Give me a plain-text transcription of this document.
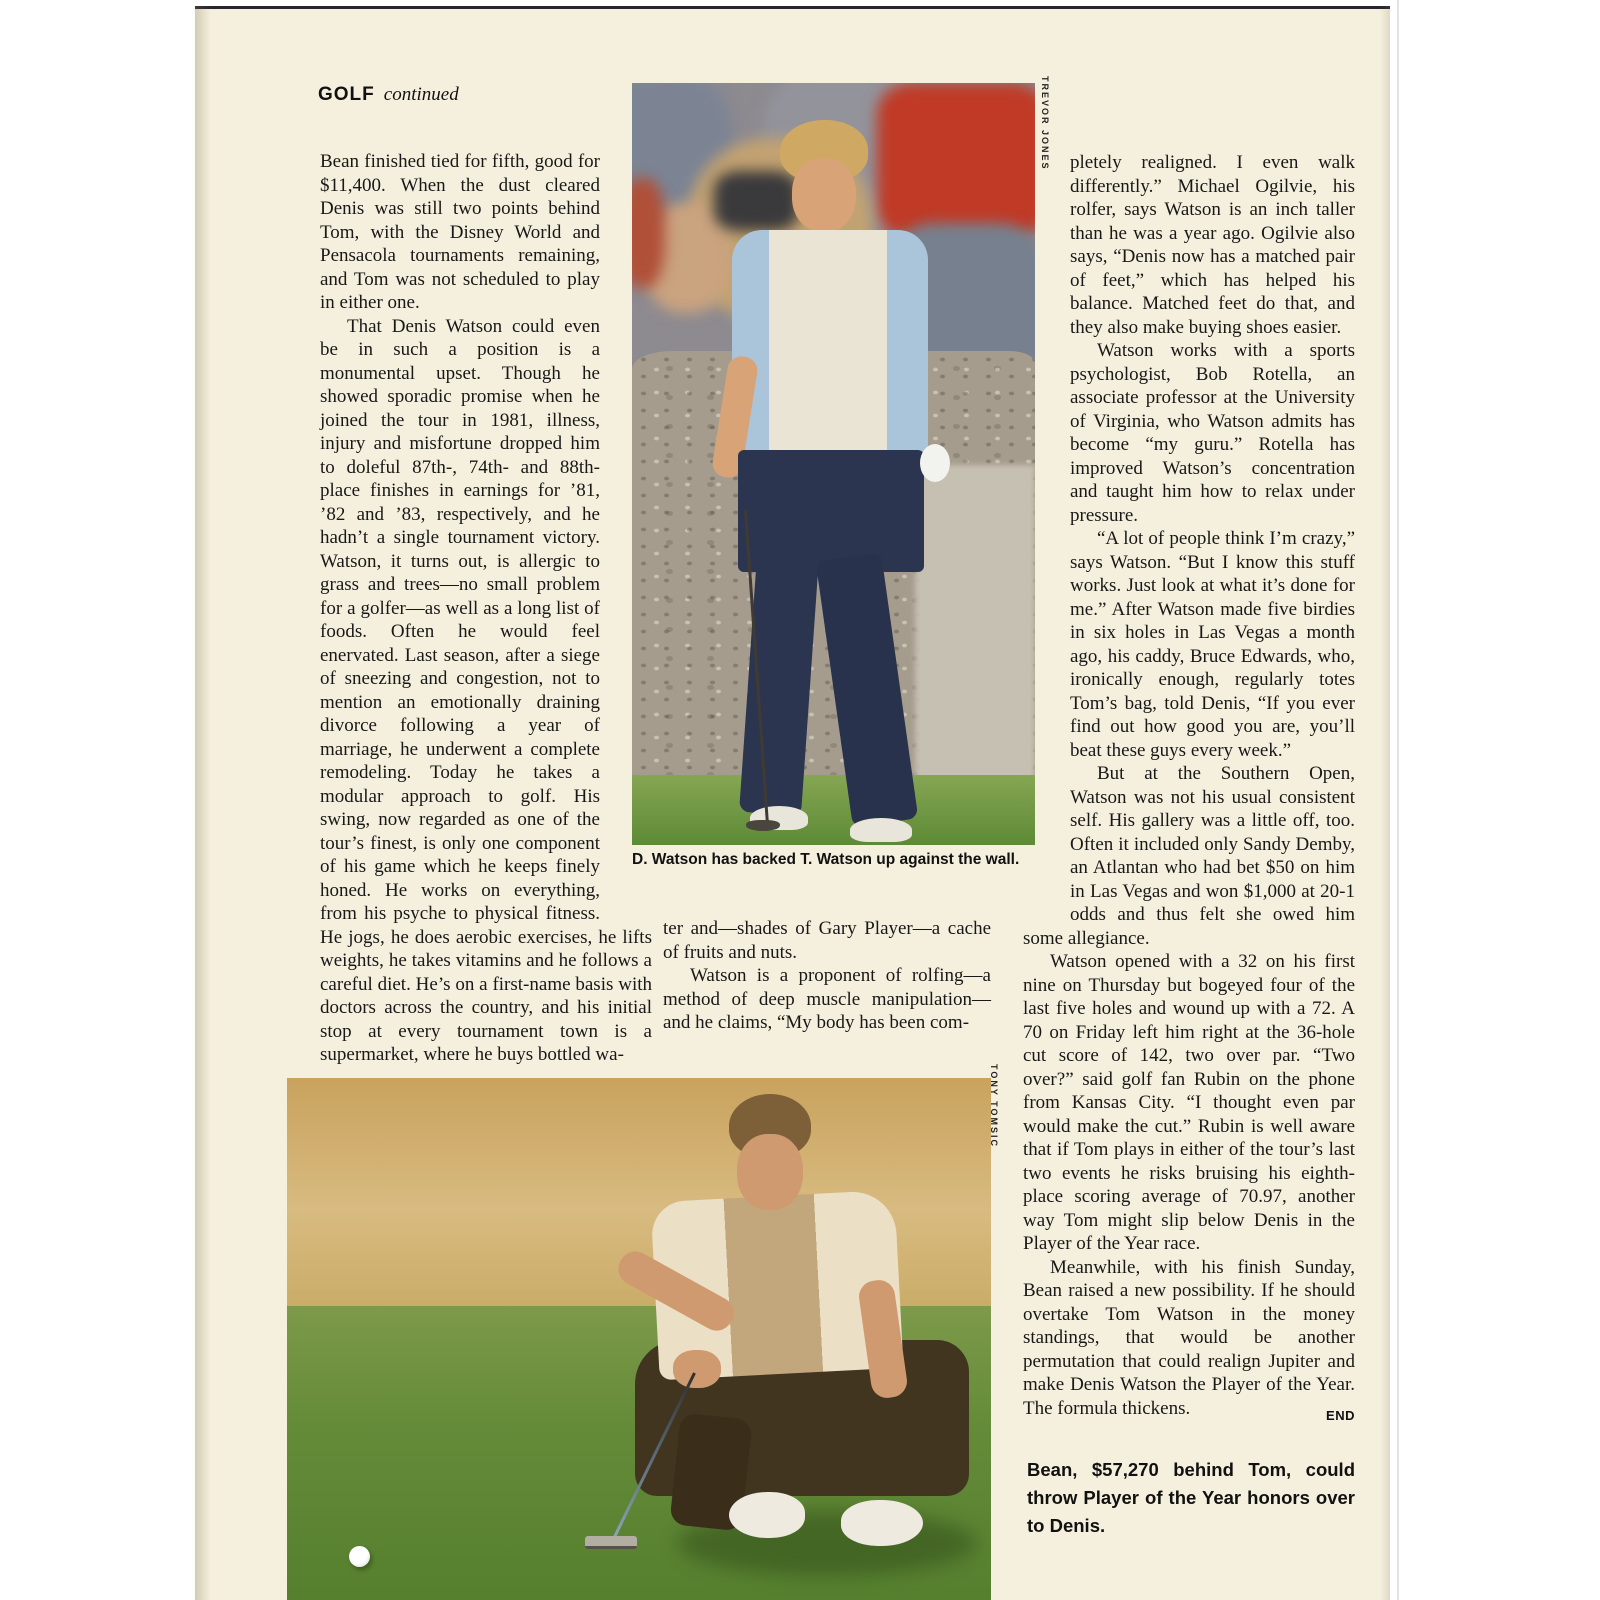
GOLF continued	TREVOR JONES
D. Watson has backed T. Watson up against the wall.

Bean finished tied for fifth, good for $11,400. When the dust cleared Denis was still two points behind Tom, with the Disney World and Pensacola tournaments remaining, and Tom was not scheduled to play in either one.

That Denis Watson could even be in such a position is a monumental upset. Though he showed sporadic promise when he joined the tour in 1981, illness, injury and misfortune dropped him to doleful 87th-, 74th- and 88th-place finishes in earnings for ’81, ’82 and ’83, respectively, and he hadn’t a single tournament victory. Watson, it turns out, is allergic to grass and trees—no small problem for a golfer—as well as a long list of foods. Often he would feel enervated. Last season, after a siege of sneezing and congestion, not to mention an emotionally draining divorce following a year of marriage, he underwent a complete remodeling. Today he takes a modular approach to golf. His swing, now regarded as one of the tour’s finest, is only one component of his game which he keeps finely honed. He works on everything, from his psyche to physical fitness. He jogs, he does aerobic exercises, he lifts weights, he takes vitamins and he follows a careful diet. He’s on a first-name basis with doctors across the country, and his initial stop at every tournament town is a supermarket, where he buys bottled wa-

ter and—shades of Gary Player—a cache of fruits and nuts.

Watson is a proponent of rolfing—a method of deep muscle manipulation—and he claims, “My body has been com-

pletely realigned. I even walk differently.” Michael Ogilvie, his rolfer, says Watson is an inch taller than he was a year ago. Ogilvie also says, “Denis now has a matched pair of feet,” which has helped his balance. Matched feet do that, and they also make buying shoes easier.

Watson works with a sports psychologist, Bob Rotella, an associate professor at the University of Virginia, who Watson admits has become “my guru.” Rotella has improved Watson’s concentration and taught him how to relax under pressure.

“A lot of people think I’m crazy,” says Watson. “But I know this stuff works. Just look at what it’s done for me.” After Watson made five birdies in six holes in Las Vegas a month ago, his caddy, Bruce Edwards, who, ironically enough, regularly totes Tom’s bag, told Denis, “If you ever find out how good you are, you’ll beat these guys every week.”

But at the Southern Open, Watson was not his usual consistent self. His gallery was a little off, too. Often it included only Sandy Demby, an Atlantan who had bet $50 on him in Las Vegas and won $1,000 at 20-1 odds and thus felt she owed him some allegiance.

Watson opened with a 32 on his first nine on Thursday but bogeyed four of the last five holes and wound up with a 72. A 70 on Friday left him right at the 36-hole cut score of 142, two over par. “Two over?” said golf fan Rubin on the phone from Kansas City. “I thought even par would make the cut.” Rubin is well aware that if Tom plays in either of the tour’s last two events he risks bruising his eighth-place scoring average of 70.97, another way Tom might slip below Denis in the Player of the Year race.

Meanwhile, with his finish Sunday, Bean raised a new possibility. If he should overtake Tom Watson in the money standings, that would be another permutation that could realign Jupiter and make Denis Watson the Player of the Year. The formula thickens.	END

TONY TOMSIC
Bean, $57,270 behind Tom, could throw Player of the Year honors over to Denis.
